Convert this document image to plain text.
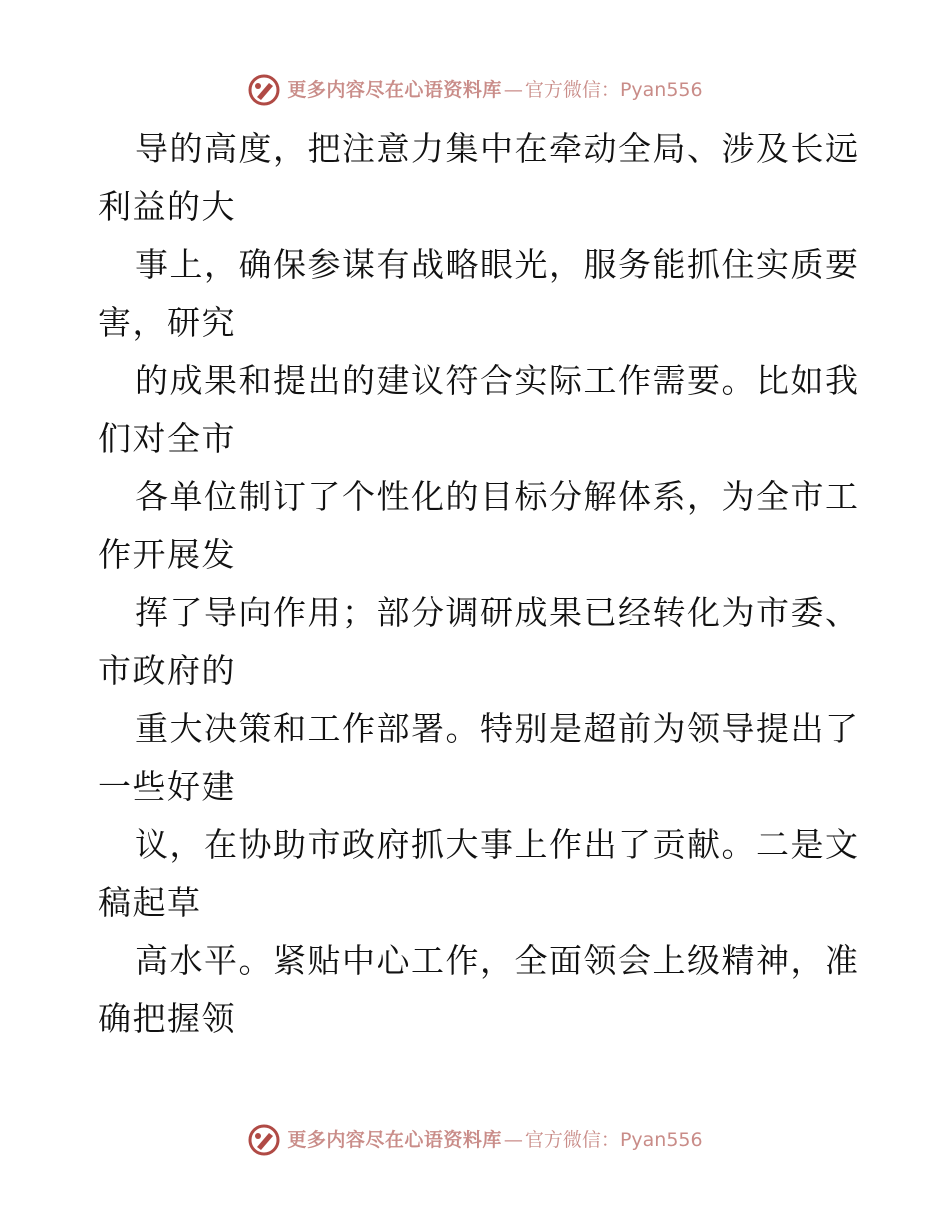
更多内容尽在心语资料库 — 官方微信： Pyan556
导的高度，把注意力集中在牵动全局、涉及长远
利益的大
事上，确保参谋有战略眼光，服务能抓住实质要
害，研究
的成果和提出的建议符合实际工作需要。比如我
们对全市
各单位制订了个性化的目标分解体系，为全市工
作开展发
挥了导向作用；部分调研成果已经转化为市委、
市政府的
重大决策和工作部署。特别是超前为领导提出了
一些好建
议，在协助市政府抓大事上作出了贡献。二是文
稿起草
高水平。紧贴中心工作，全面领会上级精神，准
确把握领
更多内容尽在心语资料库 — 官方微信： Pyan556
